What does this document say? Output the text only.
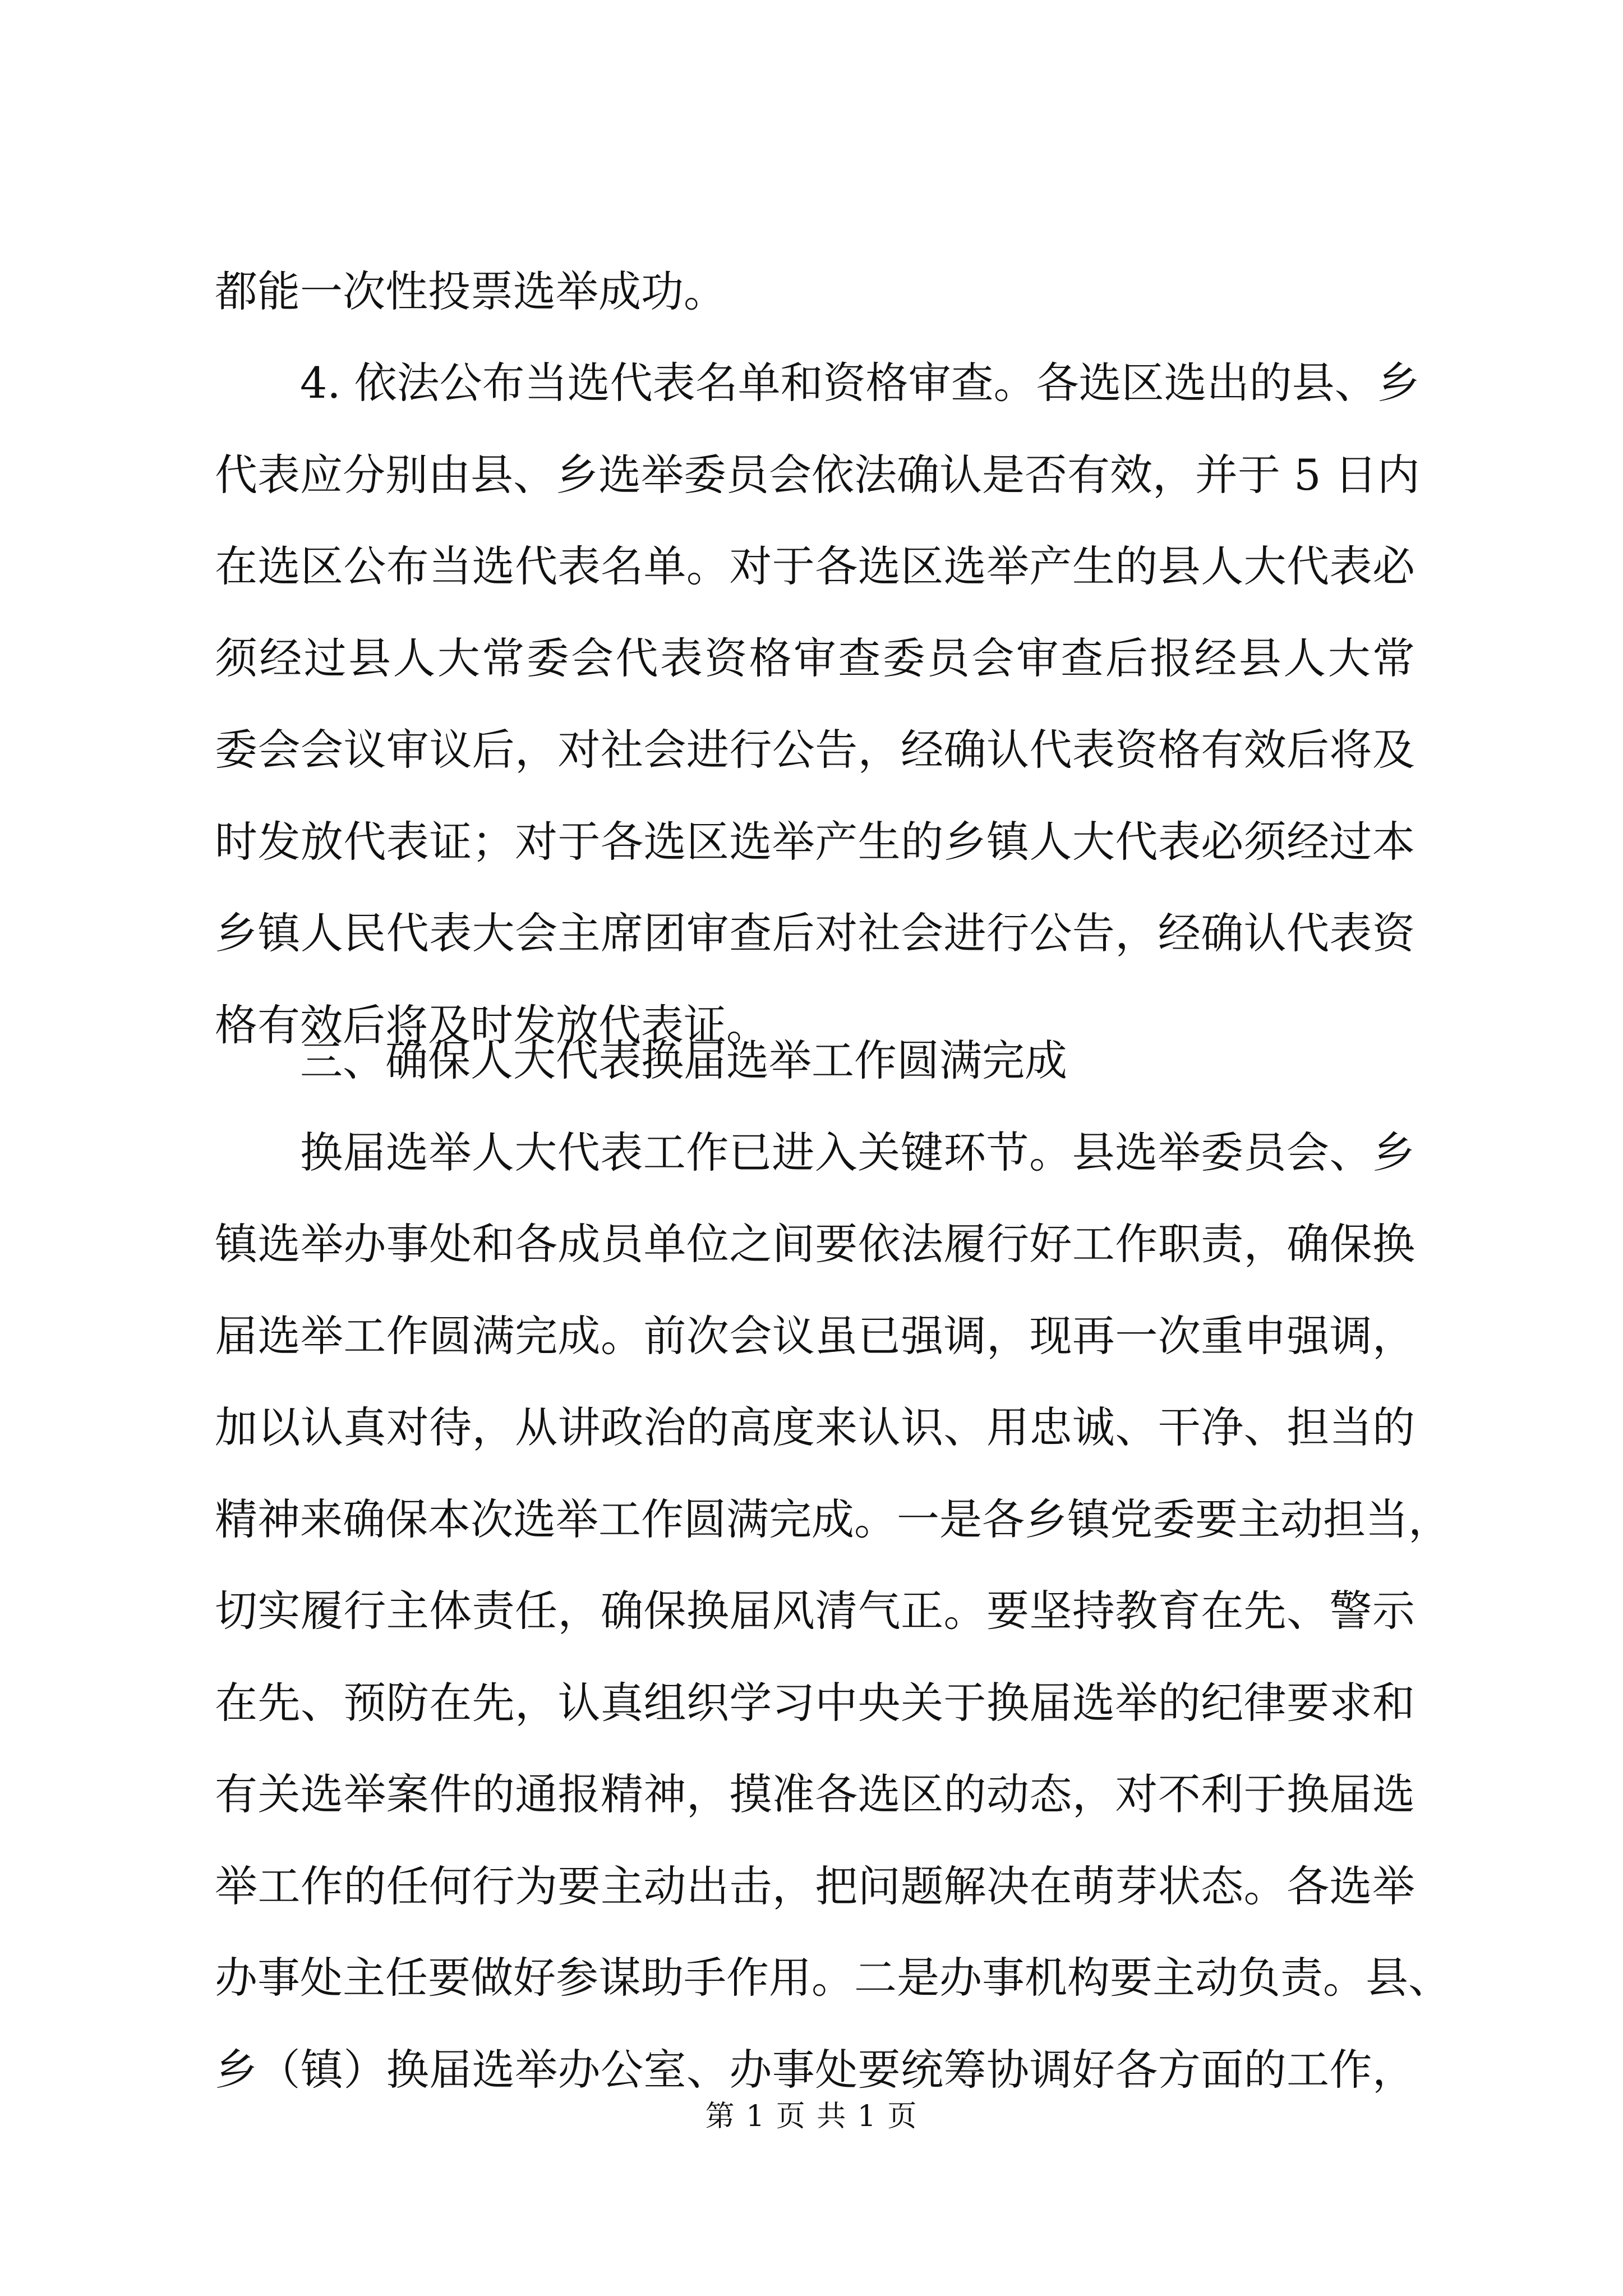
都能一次性投票选举成功。
4. 依法公布当选代表名单和资格审查。各选区选出的县、乡
代表应分别由县、乡选举委员会依法确认是否有效，并于 5 日内
在选区公布当选代表名单。对于各选区选举产生的县人大代表必
须经过县人大常委会代表资格审查委员会审查后报经县人大常
委会会议审议后，对社会进行公告，经确认代表资格有效后将及
时发放代表证；对于各选区选举产生的乡镇人大代表必须经过本
乡镇人民代表大会主席团审查后对社会进行公告，经确认代表资
格有效后将及时发放代表证。
三、确保人大代表换届选举工作圆满完成
换届选举人大代表工作已进入关键环节。县选举委员会、乡
镇选举办事处和各成员单位之间要依法履行好工作职责，确保换
届选举工作圆满完成。前次会议虽已强调，现再一次重申强调，
加以认真对待，从讲政治的高度来认识、用忠诚、干净、担当的
精神来确保本次选举工作圆满完成。一是各乡镇党委要主动担当，
切实履行主体责任，确保换届风清气正。要坚持教育在先、警示
在先、预防在先，认真组织学习中央关于换届选举的纪律要求和
有关选举案件的通报精神，摸准各选区的动态，对不利于换届选
举工作的任何行为要主动出击，把问题解决在萌芽状态。各选举
办事处主任要做好参谋助手作用。二是办事机构要主动负责。县、
乡（镇）换届选举办公室、办事处要统筹协调好各方面的工作，
第 1 页 共 1 页
